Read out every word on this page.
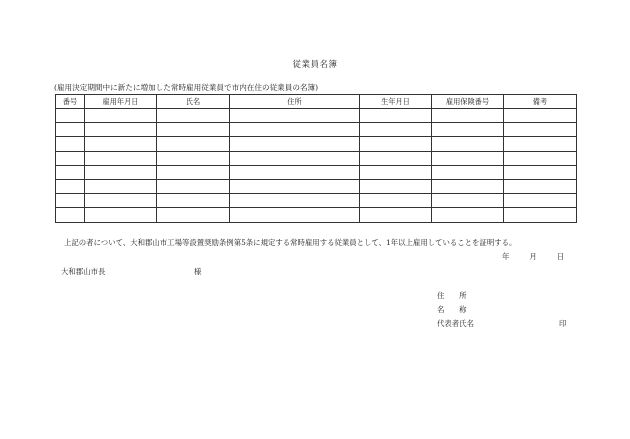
従業員名簿
(雇用決定期間中に新たに増加した常時雇用従業員で市内在住の従業員の名簿)
番号	雇用年月日	氏名	住所	生年月日	雇用保険番号	備考

上記の者について、大和郡山市工場等設置奨励条例第5条に規定する常時雇用する従業員として、1年以上雇用していることを証明する。
年	月	日
大和郡山市長	様
住　　所
名　　称
代表者氏名	印
